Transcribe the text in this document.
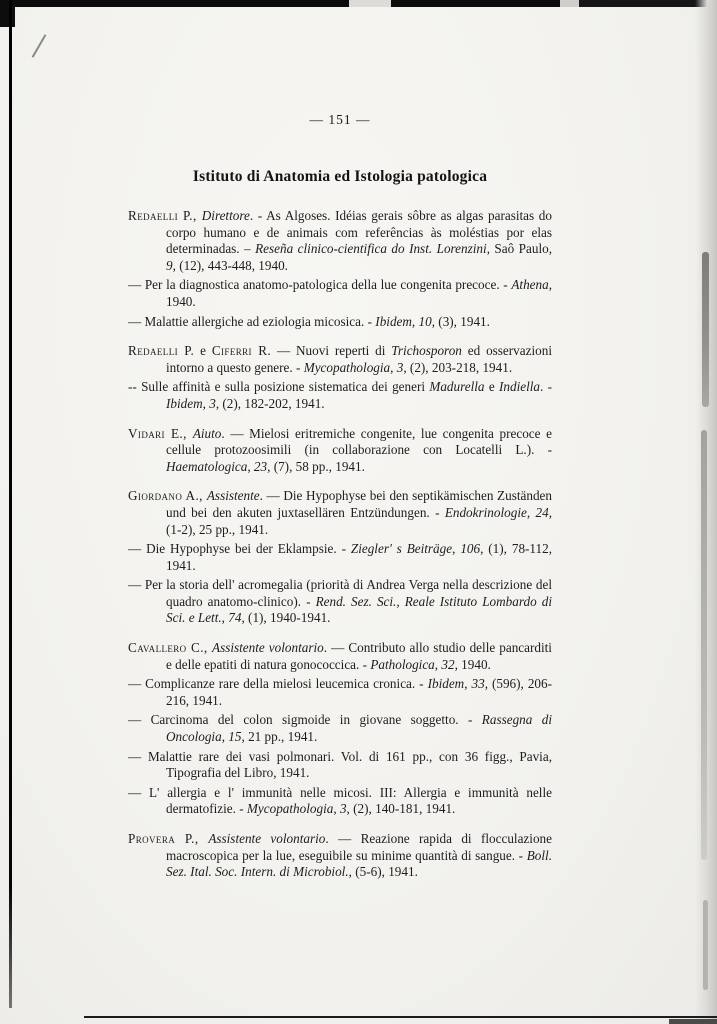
— 151 —
Istituto di Anatomia ed Istologia patologica

Redaelli P., Direttore. - As Algoses. Idéias gerais sôbre as algas parasitas do corpo humano e de animais com referências às moléstias por elas determinadas. – Reseña clinico-cientifica do Inst. Lorenzini, Saô Paulo, 9, (12), 443-448, 1940.

— Per la diagnostica anatomo-patologica della lue congenita precoce. - Athena, 1940.

— Malattie allergiche ad eziologia micosica. - Ibidem, 10, (3), 1941.

Redaelli P. e Ciferri R. — Nuovi reperti di Trichosporon ed osservazioni intorno a questo genere. - Mycopathologia, 3, (2), 203-218, 1941.

-- Sulle affinità e sulla posizione sistematica dei generi Madurella e Indiella. - Ibidem, 3, (2), 182-202, 1941.

Vidari E., Aiuto. — Mielosi eritremiche congenite, lue congenita precoce e cellule protozoosimili (in collaborazione con Locatelli L.). - Haematologica, 23, (7), 58 pp., 1941.

Giordano A., Assistente. — Die Hypophyse bei den septikämischen Zuständen und bei den akuten juxtasellären Entzündungen. - Endokrinologie, 24, (1-2), 25 pp., 1941.

— Die Hypophyse bei der Eklampsie. - Ziegler' s Beiträge, 106, (1), 78-112, 1941.

— Per la storia dell' acromegalia (priorità di Andrea Verga nella descrizione del quadro anatomo-clinico). - Rend. Sez. Sci., Reale Istituto Lombardo di Sci. e Lett., 74, (1), 1940-1941.

Cavallero C., Assistente volontario. — Contributo allo studio delle pancarditi e delle epatiti di natura gonococcica. - Pathologica, 32, 1940.

— Complicanze rare della mielosi leucemica cronica. - Ibidem, 33, (596), 206-216, 1941.

— Carcinoma del colon sigmoide in giovane soggetto. - Rassegna di Oncologia, 15, 21 pp., 1941.

— Malattie rare dei vasi polmonari. Vol. di 161 pp., con 36 figg., Pavia, Tipografia del Libro, 1941.

— L' allergia e l' immunità nelle micosi. III: Allergia e immunità nelle dermatofizie. - Mycopathologia, 3, (2), 140-181, 1941.

Provera P., Assistente volontario. — Reazione rapida di flocculazione macroscopica per la lue, eseguibile su minime quantità di sangue. - Boll. Sez. Ital. Soc. Intern. di Microbiol., (5-6), 1941.
